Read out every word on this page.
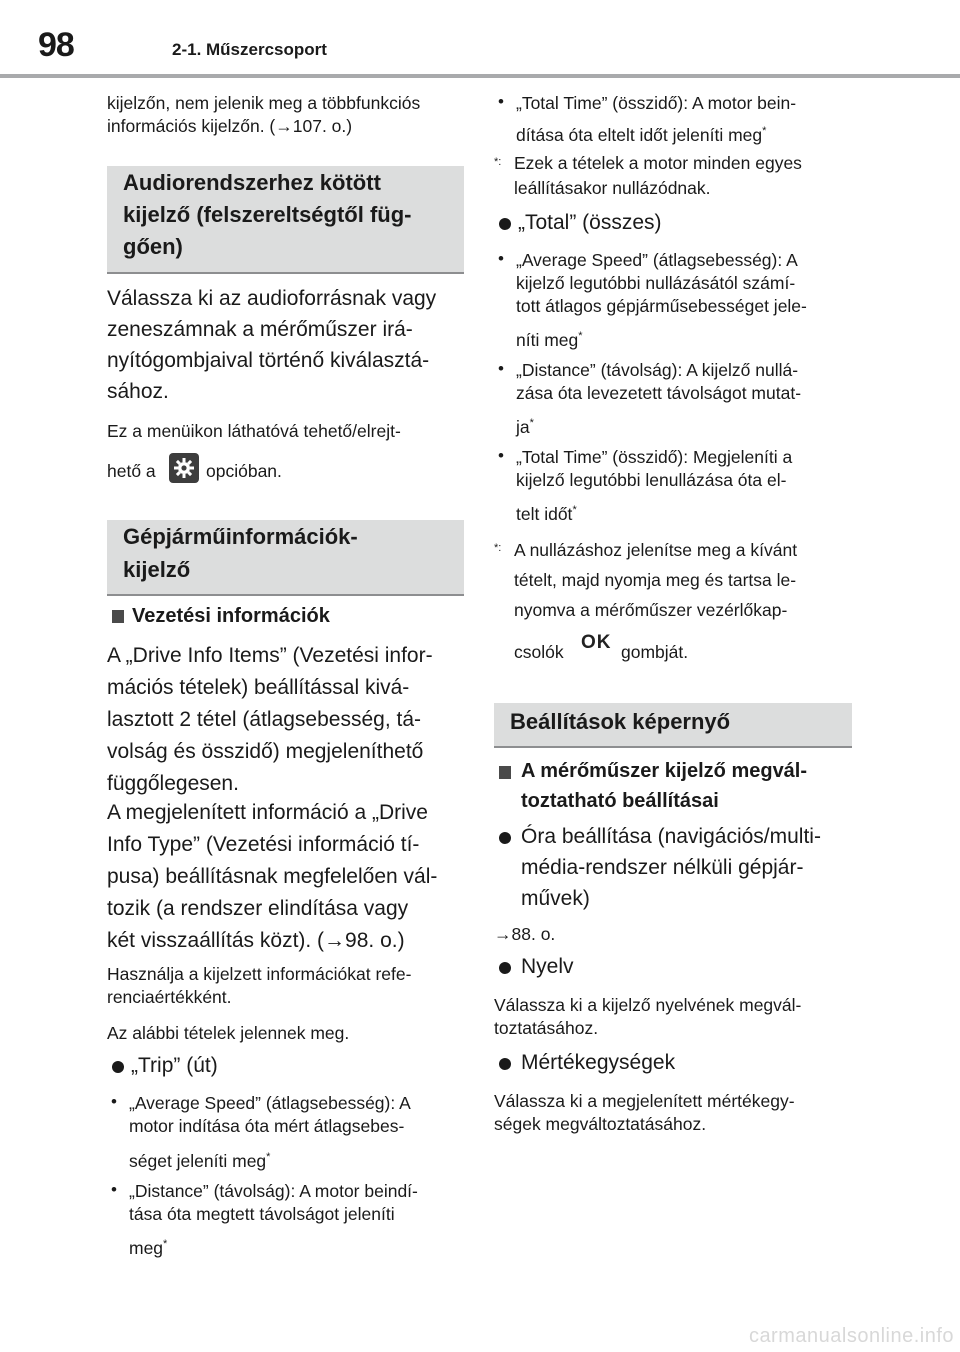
98	2-1. Műszercsoport

kijelzőn, nem jelenik meg a többfunkciós

információs kijelzőn. (→107. o.)

Audiorendszerhez kötött
kijelző (felszereltségtől füg-
gően)

Válassza ki az audioforrásnak vagy

zeneszámnak a mérőműszer irá-

nyítógombjaival történő kiválasztá-

sához.

Ez a menüikon láthatóvá tehető/elrejt-

hető a	opcióban.

Gépjárműinformációk-
kijelző

Vezetési információk

A „Drive Info Items” (Vezetési infor-

mációs tételek) beállítással kivá-

lasztott 2 tétel (átlagsebesség, tá-

volság és összidő) megjeleníthető

függőlegesen.

A megjelenített információ a „Drive

Info Type” (Vezetési információ tí-

pusa) beállításnak megfelelően vál-

tozik (a rendszer elindítása vagy

két visszaállítás közt). (→98. o.)

Használja a kijelzett információkat refe-

renciaértékként.

Az alábbi tételek jelennek meg.

„Trip” (út)

• „Average Speed” (átlagsebesség): A

motor indítása óta mért átlagsebes-

séget jeleníti meg*

• „Distance” (távolság): A motor beindí-

tása óta megtett távolságot jeleníti

meg*

• „Total Time” (összidő): A motor bein-

dítása óta eltelt időt jeleníti meg*

*: Ezek a tételek a motor minden egyes

leállításakor nullázódnak.

„Total” (összes)

• „Average Speed” (átlagsebesség): A

kijelző legutóbbi nullázásától számí-

tott átlagos gépjárműsebességet jele-

níti meg*

• „Distance” (távolság): A kijelző nullá-

zása óta levezetett távolságot mutat-

ja*

• „Total Time” (összidő): Megjeleníti a

kijelző legutóbbi lenullázása óta el-

telt időt*

*: A nullázáshoz jelenítse meg a kívánt

tételt, majd nyomja meg és tartsa le-

nyomva a mérőműszer vezérlőkap-

csolók OK gombját.

Beállítások képernyő

A mérőműszer kijelző megvál-

toztatható beállításai

Óra beállítása (navigációs/multi-

média-rendszer nélküli gépjár-

művek)

→88. o.

Nyelv

Válassza ki a kijelző nyelvének megvál-

toztatásához.

Mértékegységek

Válassza ki a megjelenített mértékegy-

ségek megváltoztatásához.

carmanualsonline.info
